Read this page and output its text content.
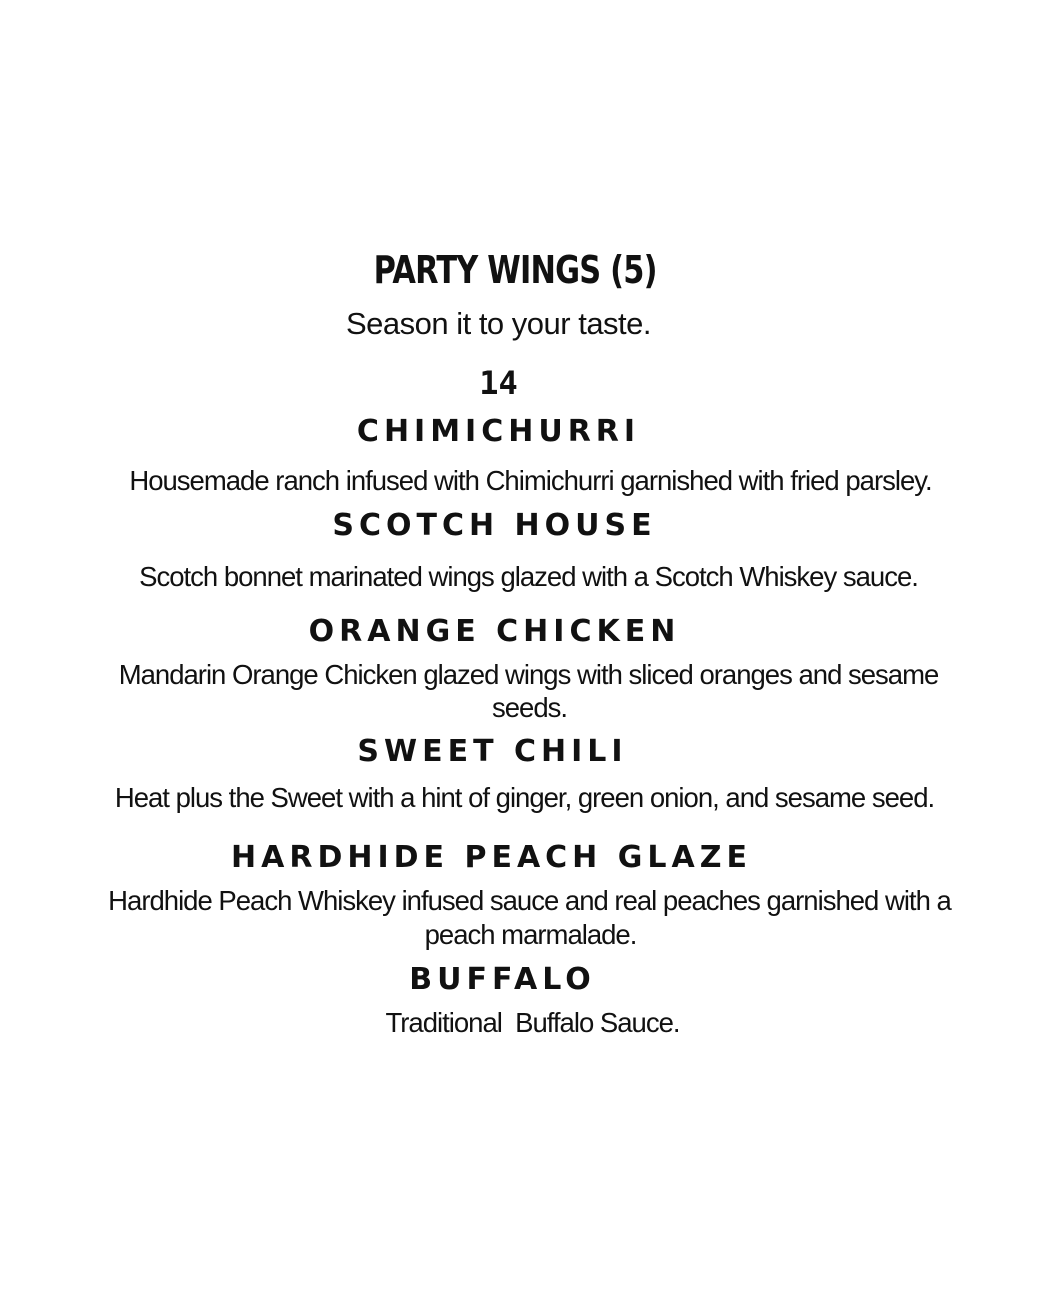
PARTY WINGS (5)

Season it to your taste.

14

CHIMICHURRI

Housemade ranch infused with Chimichurri garnished with fried parsley.

SCOTCH HOUSE

Scotch bonnet marinated wings glazed with a Scotch Whiskey sauce.

ORANGE CHICKEN

Mandarin Orange Chicken glazed wings with sliced oranges and sesame

seeds.

SWEET CHILI

Heat plus the Sweet with a hint of ginger, green onion, and sesame seed.

HARDHIDE PEACH GLAZE

Hardhide Peach Whiskey infused sauce and real peaches garnished with a

peach marmalade.

BUFFALO

Traditional  Buffalo Sauce.
